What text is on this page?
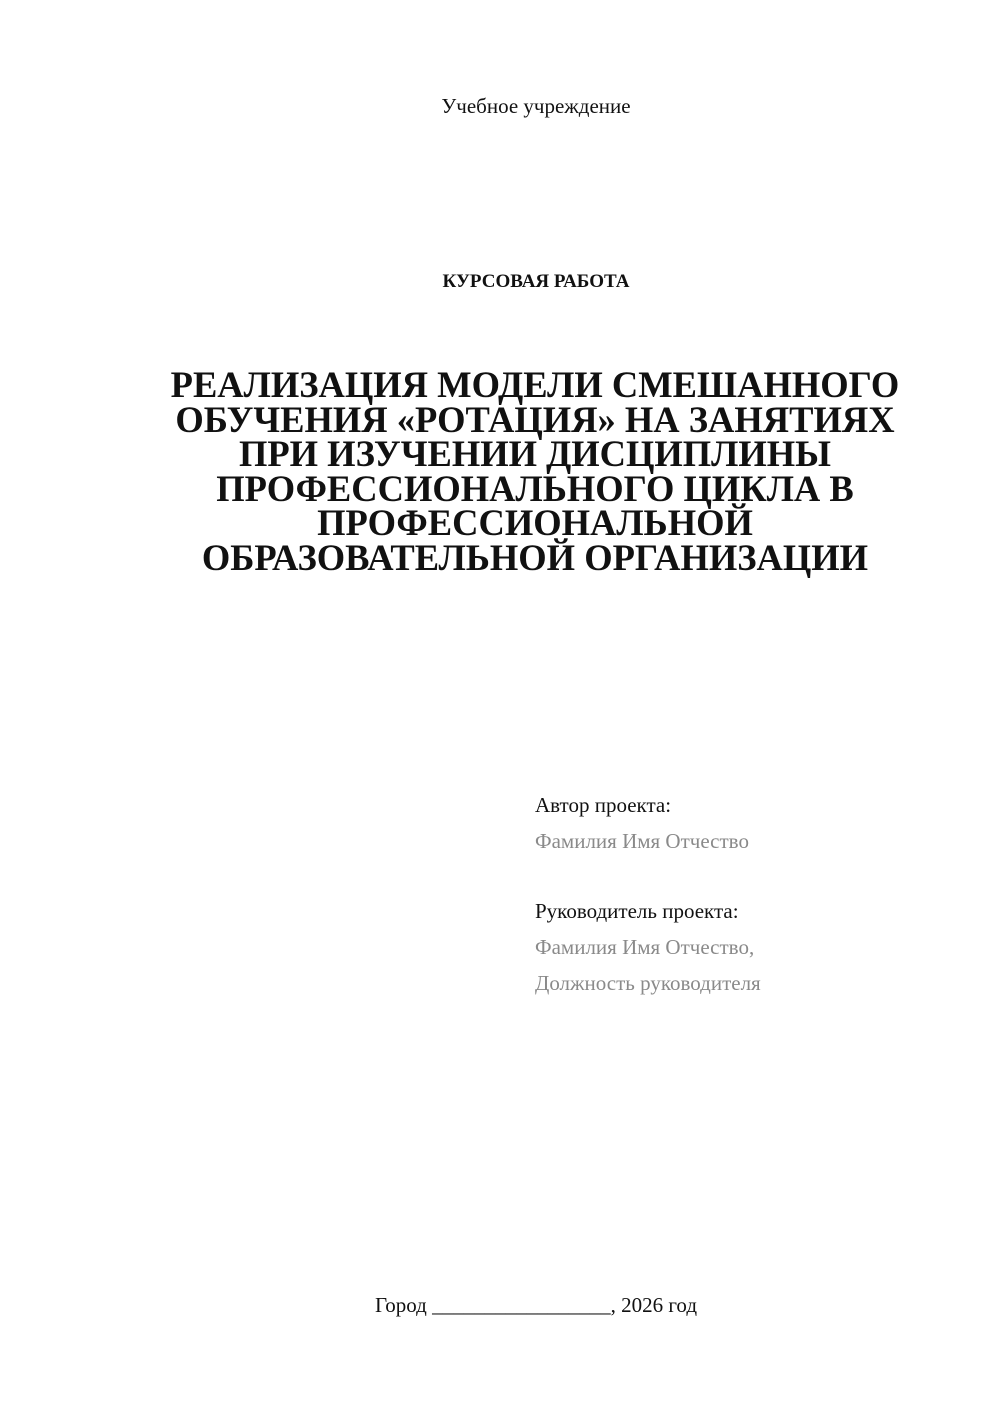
Учебное учреждение
КУРСОВАЯ РАБОТА
РЕАЛИЗАЦИЯ МОДЕЛИ СМЕШАННОГО
ОБУЧЕНИЯ «РОТАЦИЯ» НА ЗАНЯТИЯХ
ПРИ ИЗУЧЕНИИ ДИСЦИПЛИНЫ
ПРОФЕССИОНАЛЬНОГО ЦИКЛА В
ПРОФЕССИОНАЛЬНОЙ
ОБРАЗОВАТЕЛЬНОЙ ОРГАНИЗАЦИИ
Автор проекта:
Фамилия Имя Отчество
Руководитель проекта:
Фамилия Имя Отчество,
Должность руководителя
Город _________________, 2026 год
